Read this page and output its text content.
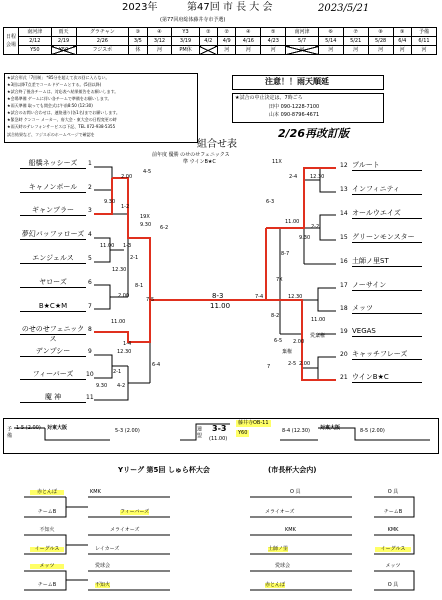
2023年	第47回 市 長 大 会	2023/5/21
(第77回府総体藤井寺市予選)
日程
会場	南河津	雨天	グラチャン	③	④	Y3	②	②	④	⑤	南河津	⑥	⑦	⑧	⑨	予備
	2/12	2/19	2/26	3/5	3/12	3/19	4/2	4/9	4/16	4/23	5/7	5/14	5/21	5/28	6/4	6/11
	Y50	Y50	フジスポ	休	河	PM休		河	河	河	河	河	河	河	河	河
★試合形式「7回制」 *85分を超えて次の回に入らない。
★3回以降7点差でコールドゲームとする。(5回以降)
★試合終了後各チームは、対応表へ結果報告をお願いします。
★会場準備 ゲームに伴い各チームで準備をお願いします。
★雨天準備 取っても開会式は午前8:50 (12:30)
★試合のお問い合わせは、連絡通り(各1名)までお願いします。
★緊急時 ケンコー メーカー、府大会・東大会の日程変更の時
★雨天時のテレフォンサービスは下記、TEL 072-938-5355
試合結果など、フジスポのホームページで確認を
注意！！雨天順延
★試合の中止決定は、7時ごろ
田中 090-1228-7100
山本 090-8796-4671
2/26再改訂版
組合せ表
前年度 優勝 のせのせフェニックス
準 ウインB★C
船橋ネッシーズ
キャノンボール
ギャンブラー
夢幻バッファローズ
エンジェルス
ヤローズ
B★C★M
のせのせフェニックス
デンプシー
フィーバーズ
魔 神
1
2
3
4
5
6
7
8
9
10
11
ブルート
インフィニティ
オールウエイズ
グリーンモンスター
土師ノ里ST
ノーサイン
メッツ
VEGAS
キャッチフレーズ
ウインB★C
12
13
14
15
16
17
18
19
20
21
2.00
4-5
9.30
1-2
6-2
19X
9.30
11.00 1-3
2-1
12.30
8-1
2.00
7-5
11.00
1-4
12.30
6-4
2-1
9.30 4-2
11X
2-4	12.30
6-3
11.00
2-2
9.30
8-7
7X
7-4	12.30
8-2
11.00
6-5 2.00
2-5 2.00
棄権
愛棄権
7
8-3
11.00
予 備 1-5 (2.00) 対東大阪	5-3 (2.00)	連 盟 3-3
(11.00)
藤井寺OB-11
Y60	8-4 (12.30) 対東大阪	8-5 (2.00)
Yリーグ 第5回 しゅら杯大会	(市長杯大会内)
赤とんぼ
チームB
不知火
イーグルス
メッツ
チームB
KMK
フィーバーズ
メライオーズ
レイカーズ
愛球会
不知火
O 具
メライオーズ
KMK
土師ノ里
愛球会
赤とんぼ
O 具
チームB
KMK
イーグルス
メッツ
O 具
